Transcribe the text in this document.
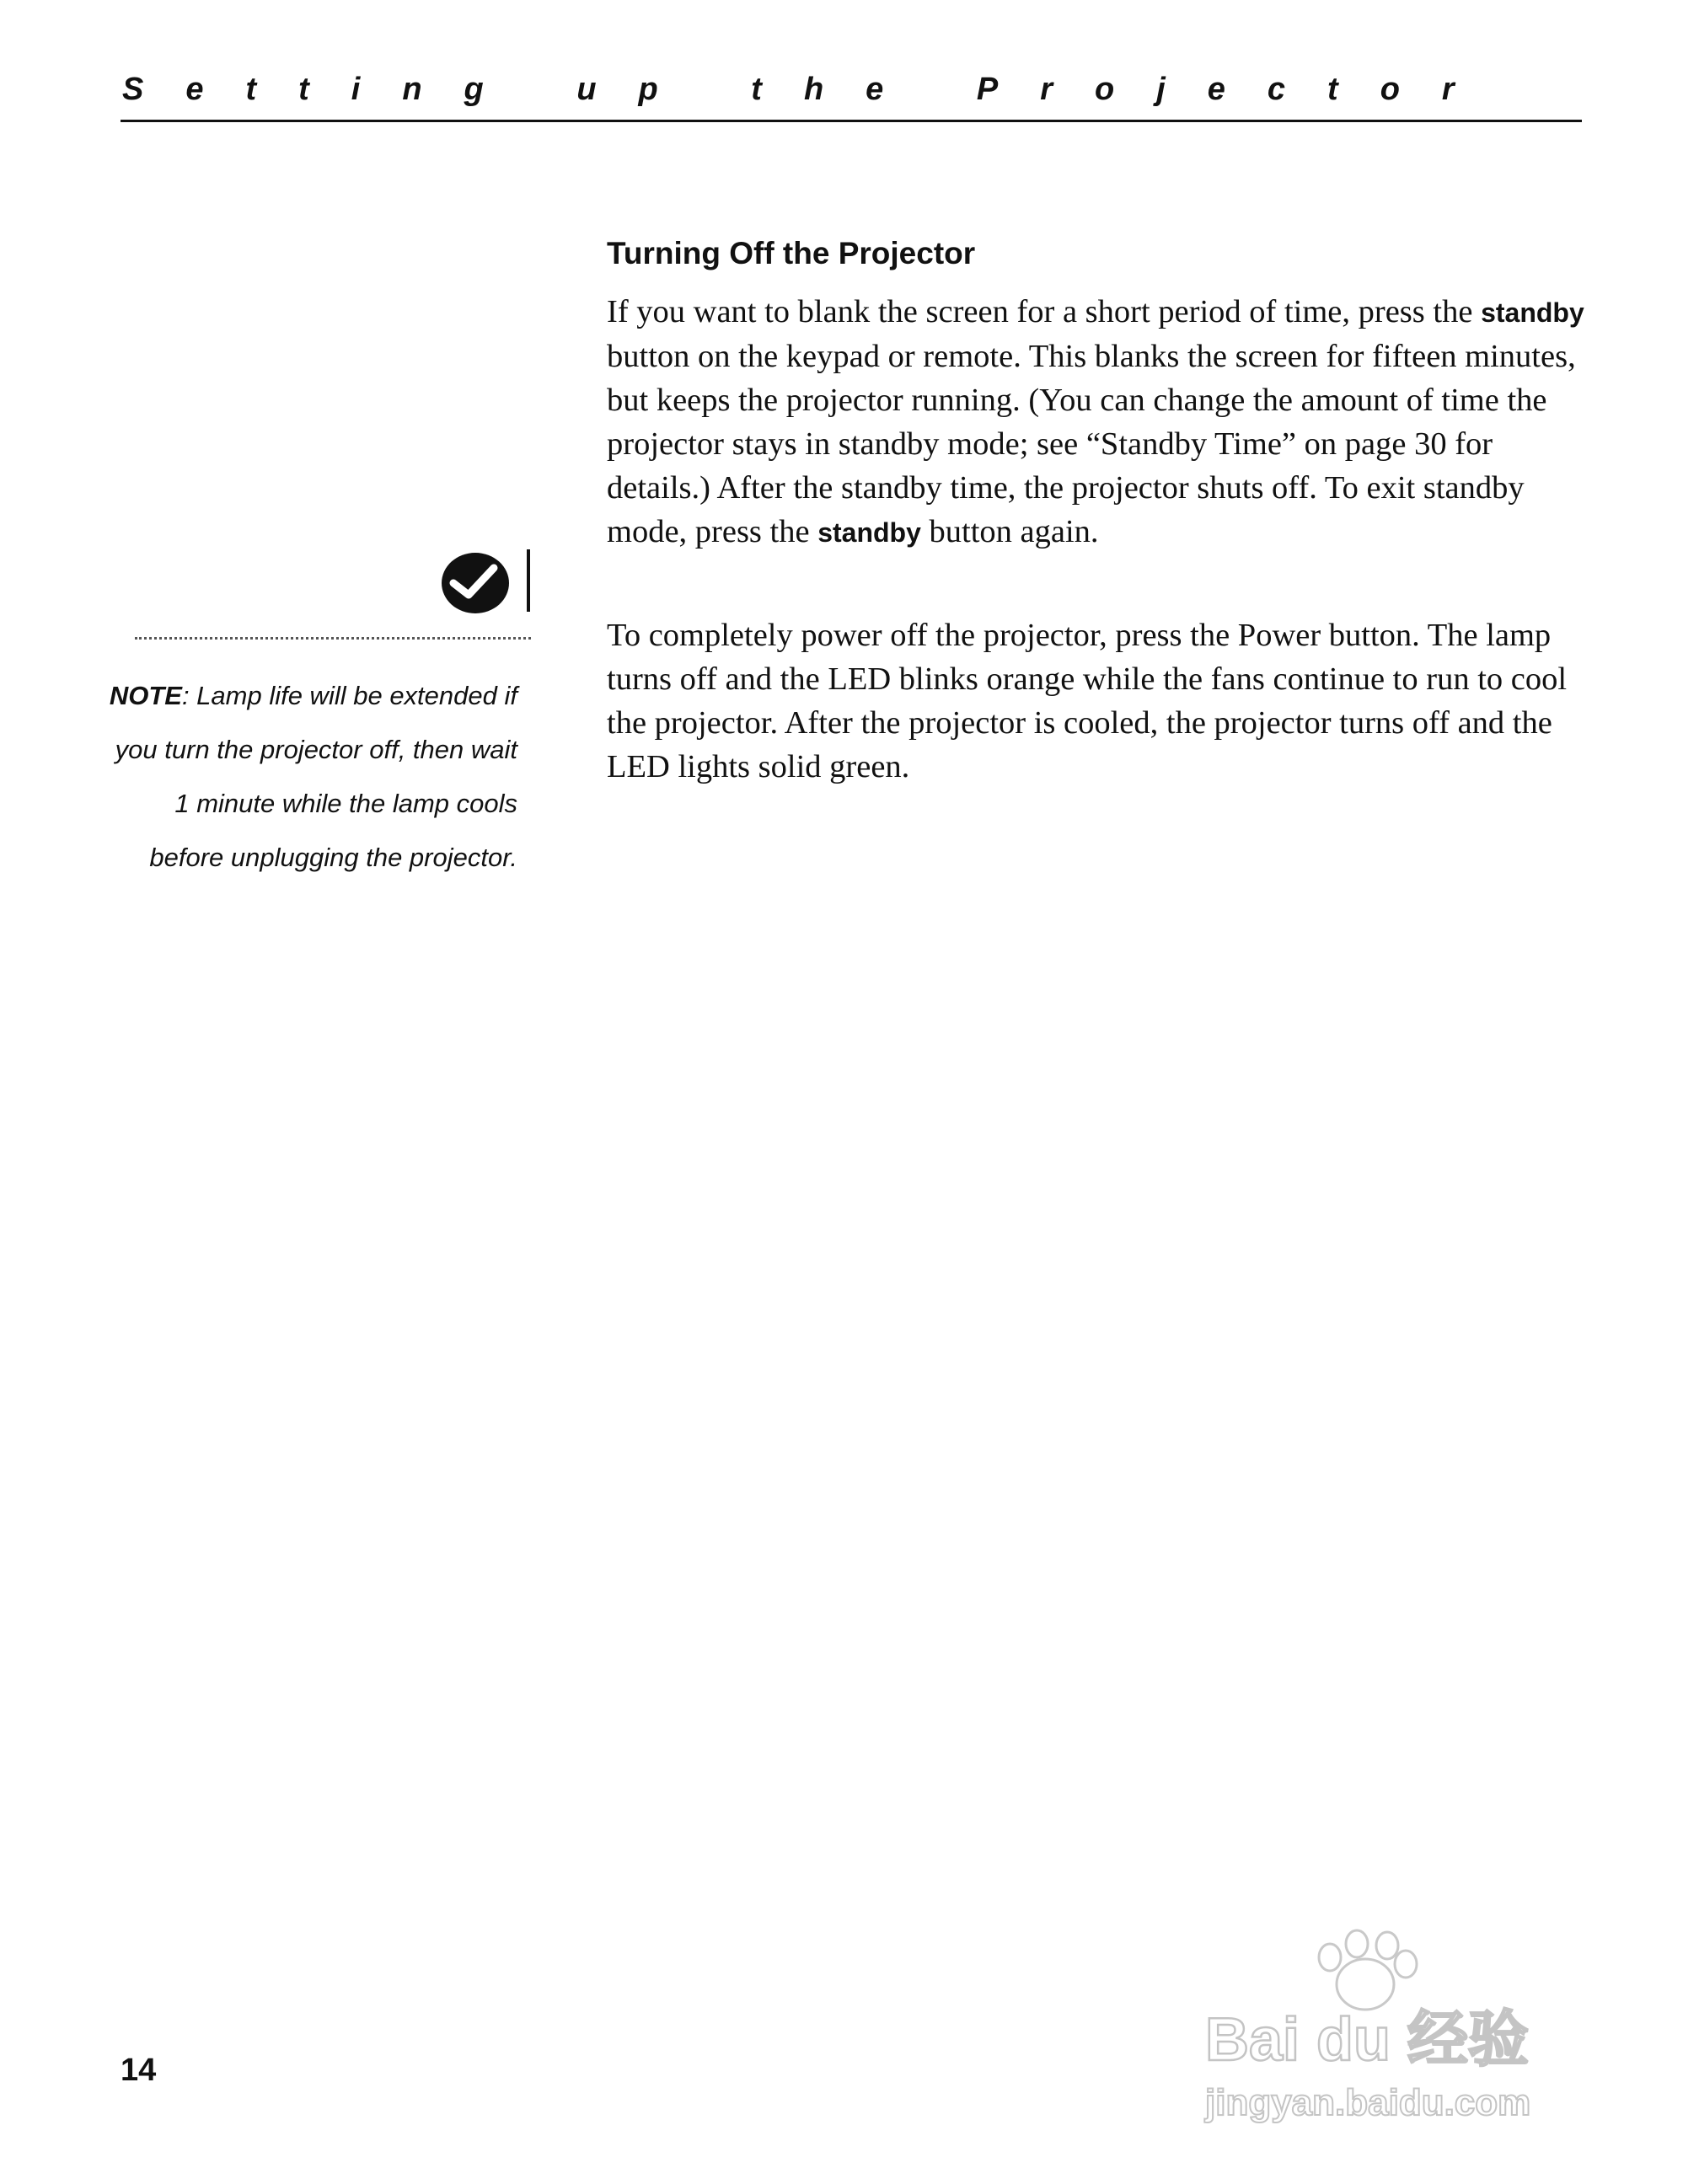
Setting up the Projector
Turning Off the Projector

If you want to blank the screen for a short period of time, press the standby button on the keypad or remote. This blanks the screen for fifteen minutes, but keeps the projector running. (You can change the amount of time the projector stays in standby mode; see “Standby Time” on page 30 for details.) After the standby time, the projector shuts off. To exit standby mode, press the standby button again.

To completely power off the projector, press the Power button. The lamp turns off and the LED blinks orange while the fans continue to run to cool the projector. After the projector is cooled, the projector turns off and the LED lights solid green.

NOTE: Lamp life will be extended if you turn the projector off, then wait 1 minute while the lamp cools before unplugging the projector.
14	Bai du 经验
jingyan.baidu.com
